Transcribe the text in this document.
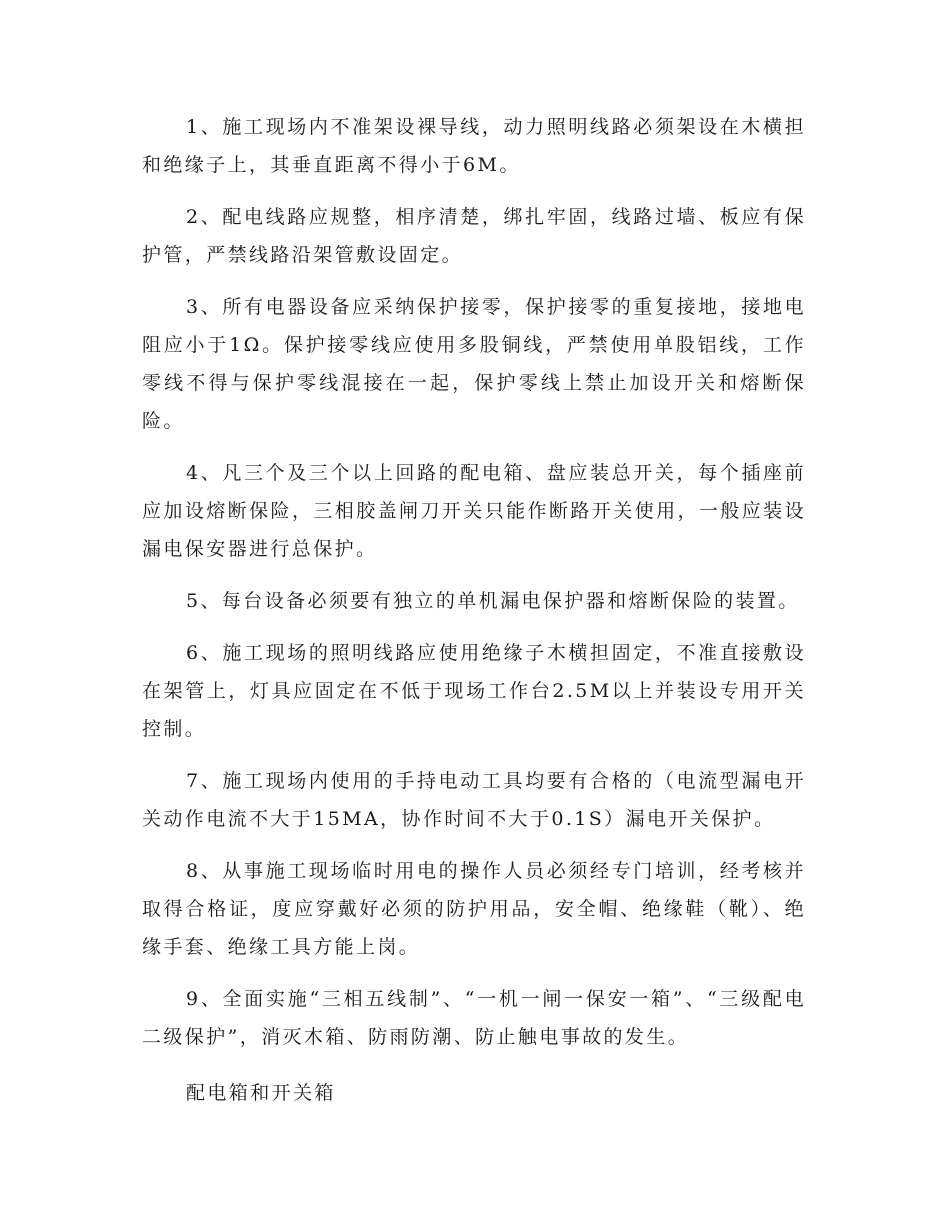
1、施工现场内不准架设裸导线，动力照明线路必须架设在木横担和绝缘子上，其垂直距离不得小于6M。

2、配电线路应规整，相序清楚，绑扎牢固，线路过墙、板应有保护管，严禁线路沿架管敷设固定。

3、所有电器设备应采纳保护接零，保护接零的重复接地，接地电阻应小于1Ω。保护接零线应使用多股铜线，严禁使用单股铝线，工作零线不得与保护零线混接在一起，保护零线上禁止加设开关和熔断保险。

4、凡三个及三个以上回路的配电箱、盘应装总开关，每个插座前应加设熔断保险，三相胶盖闸刀开关只能作断路开关使用，一般应装设漏电保安器进行总保护。

5、每台设备必须要有独立的单机漏电保护器和熔断保险的装置。

6、施工现场的照明线路应使用绝缘子木横担固定，不准直接敷设在架管上，灯具应固定在不低于现场工作台2.5M以上并装设专用开关控制。

7、施工现场内使用的手持电动工具均要有合格的（电流型漏电开关动作电流不大于15MA，协作时间不大于0.1S）漏电开关保护。

8、从事施工现场临时用电的操作人员必须经专门培训，经考核并取得合格证，度应穿戴好必须的防护用品，安全帽、绝缘鞋（靴）、绝缘手套、绝缘工具方能上岗。

9、全面实施“三相五线制”、“一机一闸一保安一箱”、“三级配电二级保护”，消灭木箱、防雨防潮、防止触电事故的发生。

配电箱和开关箱
